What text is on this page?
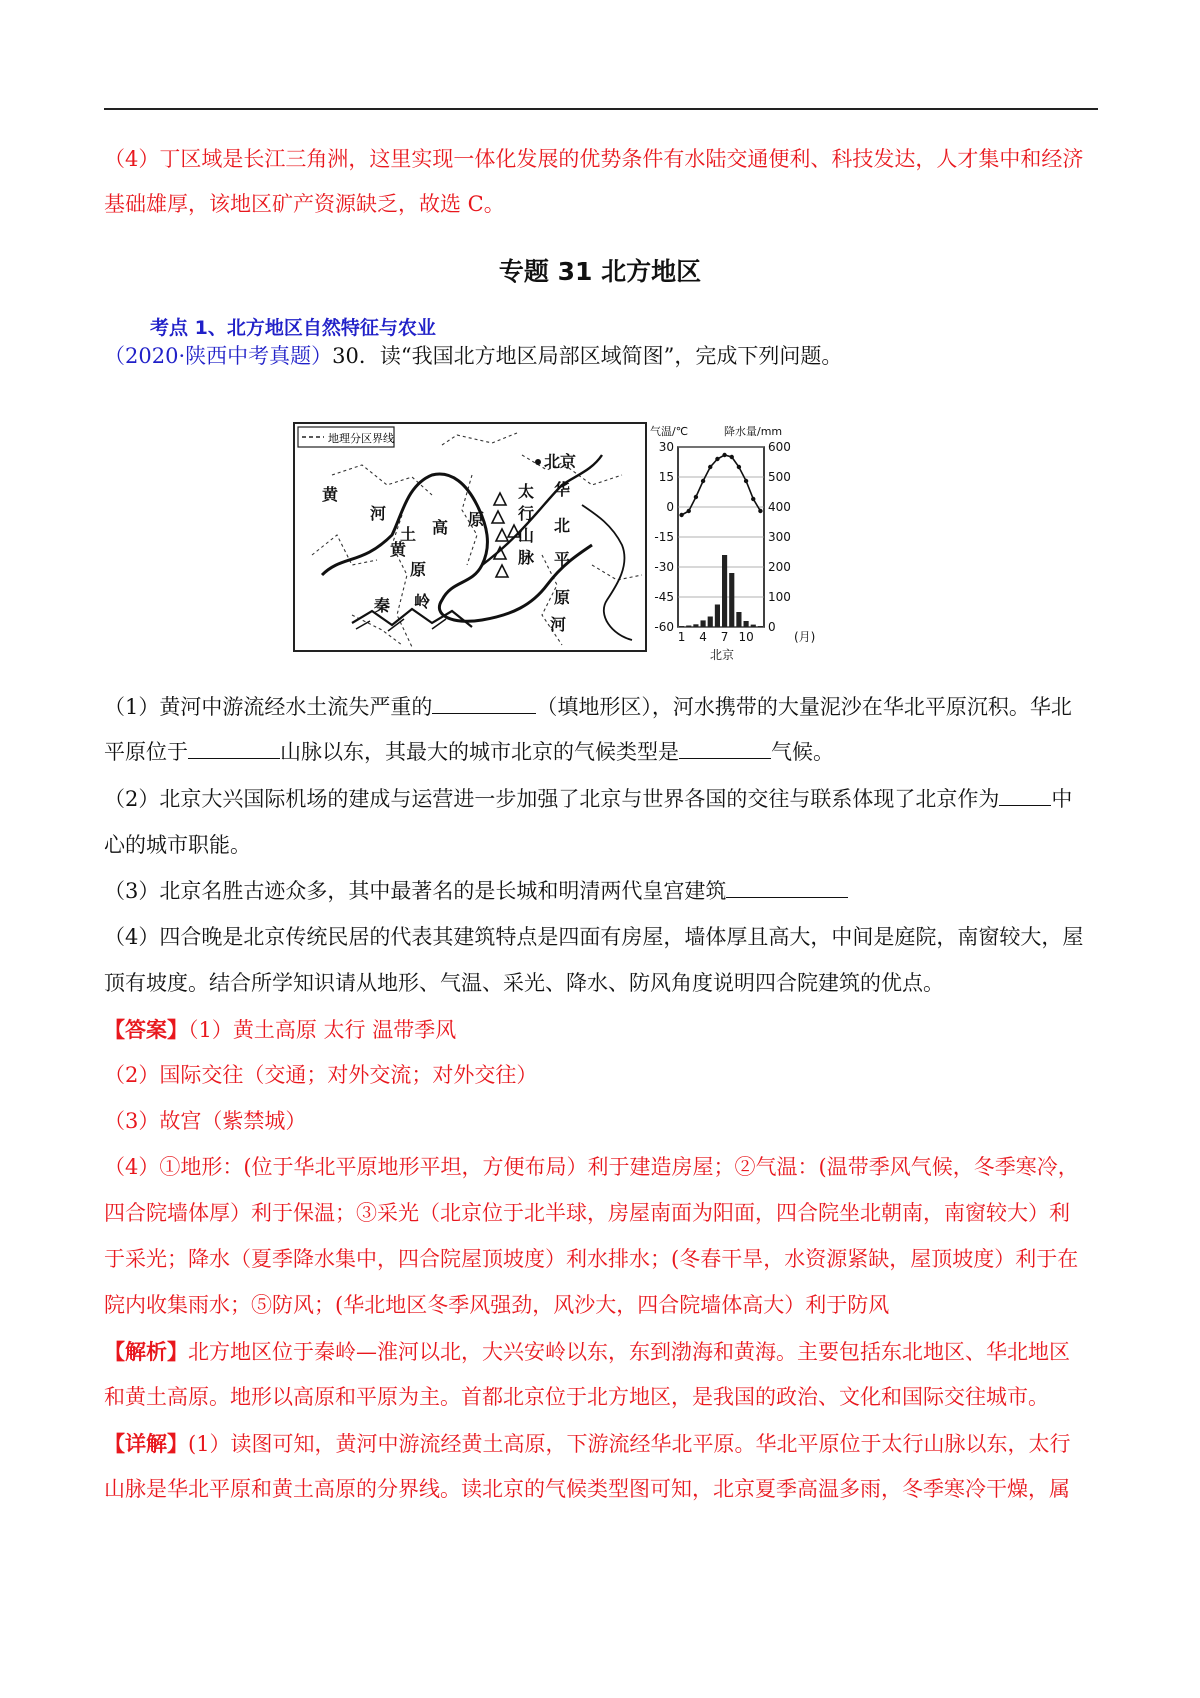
（4）丁区域是长江三角洲，这里实现一体化发展的优势条件有水陆交通便利、科技发达，人才集中和经济

基础雄厚，该地区矿产资源缺乏，故选 C。

专题 31 北方地区
考点 1、北方地区自然特征与农业

（2020·陕西中考真题）30．读“我国北方地区局部区域简图”，完成下列问题。

地理分区界线
黄
河
土 高
原
黄
秦 岭
原
太
行
山
脉
北京
华
北
平
原
河
气温/℃	降水量/mm
30
15
0
-15
-30
-45
-60
600
500
400
300
200
100
0
1 4 7 10	(月)
北京

（1）黄河中游流经水土流失严重的	（填地形区），河水携带的大量泥沙在华北平原沉积。华北

平原位于	山脉以东，其最大的城市北京的气候类型是	气候。

（2）北京大兴国际机场的建成与运营进一步加强了北京与世界各国的交往与联系体现了北京作为 中

心的城市职能。

（3）北京名胜古迹众多，其中最著名的是长城和明清两代皇宫建筑

（4）四合晚是北京传统民居的代表其建筑特点是四面有房屋，墙体厚且高大，中间是庭院，南窗较大，屋

顶有坡度。结合所学知识请从地形、气温、采光、降水、防风角度说明四合院建筑的优点。

【答案】（1）黄土高原 太行 温带季风

（2）国际交往（交通；对外交流；对外交往）

（3）故宫（紫禁城）

（4）①地形：(位于华北平原地形平坦，方便布局）利于建造房屋；②气温：(温带季风气候，冬季寒冷，

四合院墙体厚）利于保温；③采光（北京位于北半球，房屋南面为阳面，四合院坐北朝南，南窗较大）利

于采光；降水（夏季降水集中，四合院屋顶坡度）利水排水；(冬春干旱，水资源紧缺，屋顶坡度）利于在

院内收集雨水；⑤防风；(华北地区冬季风强劲，风沙大，四合院墙体高大）利于防风

【解析】北方地区位于秦岭—淮河以北，大兴安岭以东，东到渤海和黄海。主要包括东北地区、华北地区

和黄土高原。地形以高原和平原为主。首都北京位于北方地区，是我国的政治、文化和国际交往城市。

【详解】(1）读图可知，黄河中游流经黄土高原，下游流经华北平原。华北平原位于太行山脉以东，太行

山脉是华北平原和黄土高原的分界线。读北京的气候类型图可知，北京夏季高温多雨，冬季寒冷干燥，属
